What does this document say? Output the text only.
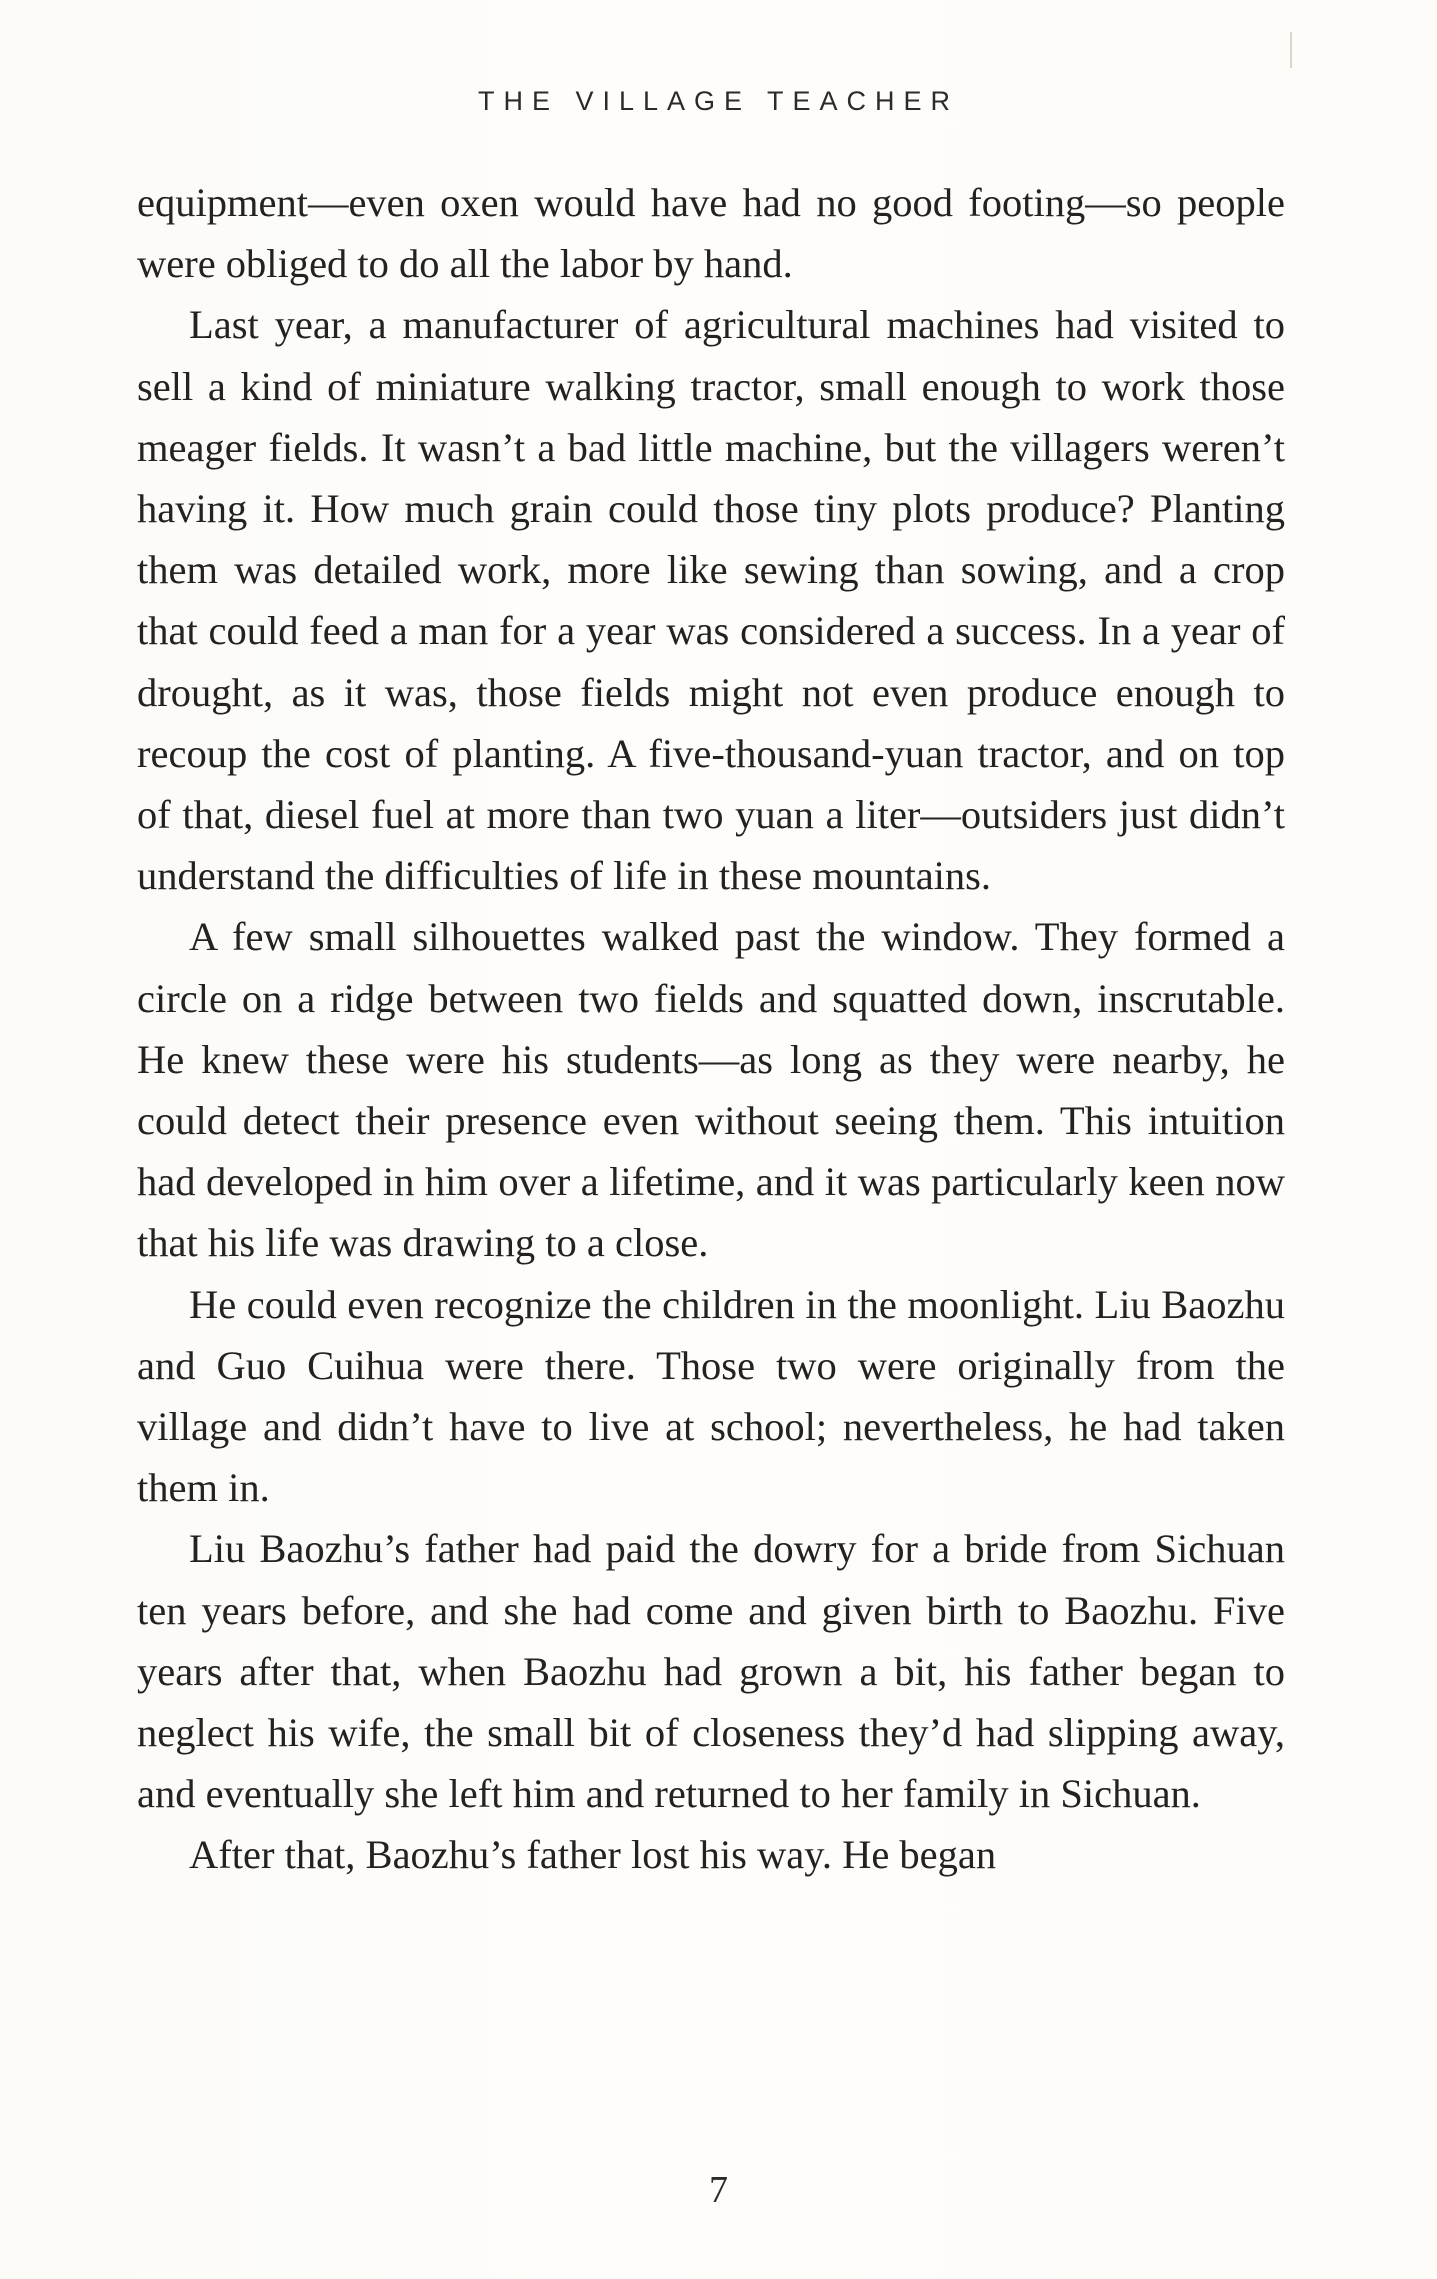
THE VILLAGE TEACHER

equipment—even oxen would have had no good footing—so people were obliged to do all the labor by hand.

Last year, a manufacturer of agricultural machines had visited to sell a kind of miniature walking tractor, small enough to work those meager fields. It wasn’t a bad little machine, but the villagers weren’t having it. How much grain could those tiny plots produce? Planting them was detailed work, more like sewing than sowing, and a crop that could feed a man for a year was considered a success. In a year of drought, as it was, those fields might not even produce enough to recoup the cost of planting. A five-thousand-yuan tractor, and on top of that, diesel fuel at more than two yuan a liter—outsiders just didn’t understand the difficulties of life in these mountains.

A few small silhouettes walked past the window. They formed a circle on a ridge between two fields and squatted down, inscrutable. He knew these were his students—as long as they were nearby, he could detect their presence even without seeing them. This intuition had developed in him over a lifetime, and it was particularly keen now that his life was drawing to a close.

He could even recognize the children in the moonlight. Liu Baozhu and Guo Cuihua were there. Those two were originally from the village and didn’t have to live at school; nevertheless, he had taken them in.

Liu Baozhu’s father had paid the dowry for a bride from Sichuan ten years before, and she had come and given birth to Baozhu. Five years after that, when Baozhu had grown a bit, his father began to neglect his wife, the small bit of closeness they’d had slipping away, and eventually she left him and returned to her family in Sichuan.

After that, Baozhu’s father lost his way. He began

7
